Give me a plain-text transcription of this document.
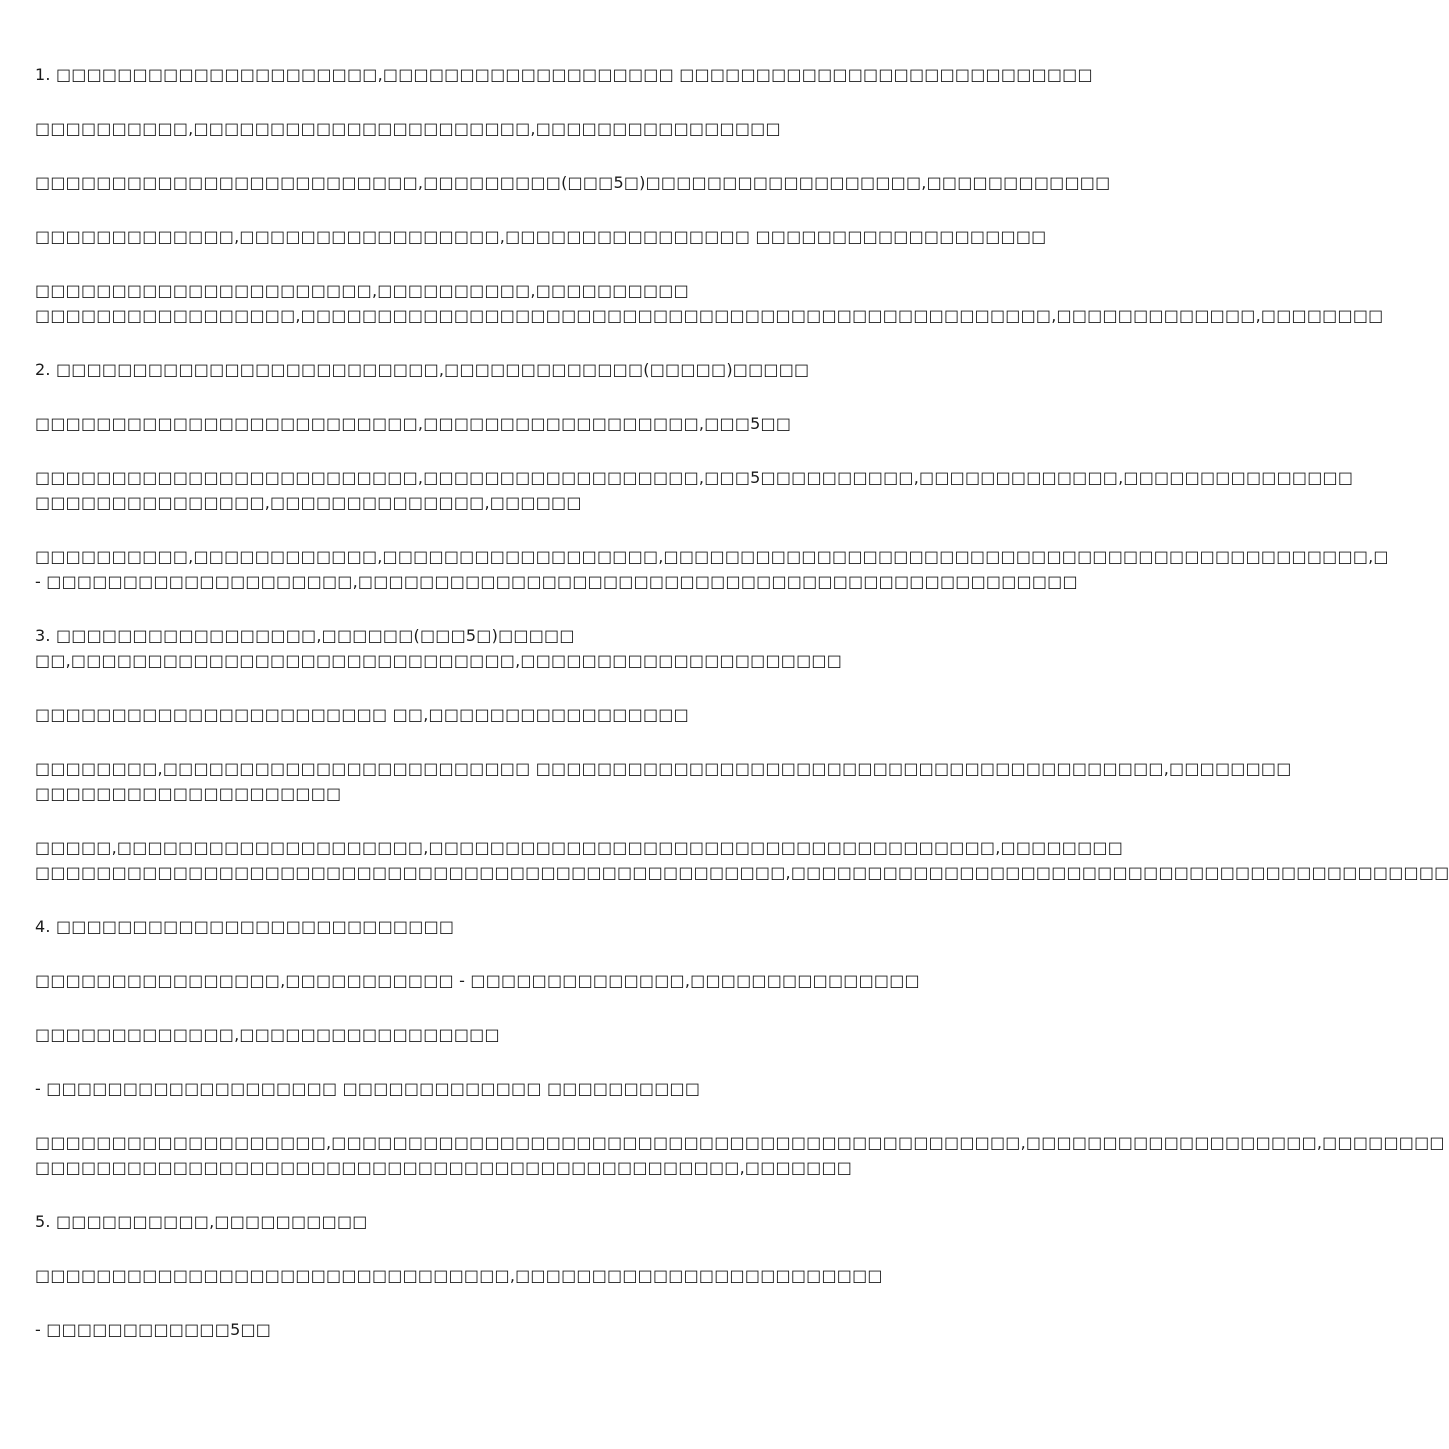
1. □□□□□□□□□□□□□□□□□□□□□,□□□□□□□□□□□□□□□□□□□ □□□□□□□□□□□□□□□□□□□□□□□□□□□

□□□□□□□□□□,□□□□□□□□□□□□□□□□□□□□□□,□□□□□□□□□□□□□□□□

□□□□□□□□□□□□□□□□□□□□□□□□□,□□□□□□□□□(□□□5□)□□□□□□□□□□□□□□□□□□,□□□□□□□□□□□□

□□□□□□□□□□□□□,□□□□□□□□□□□□□□□□□,□□□□□□□□□□□□□□□□ □□□□□□□□□□□□□□□□□□□

□□□□□□□□□□□□□□□□□□□□□□,□□□□□□□□□□,□□□□□□□□□□
□□□□□□□□□□□□□□□□□,□□□□□□□□□□□□□□□□□□□□□□□□□□□□□□□□□□□□□□□□□□□□□□□□□,□□□□□□□□□□□□□,□□□□□□□□

2. □□□□□□□□□□□□□□□□□□□□□□□□□,□□□□□□□□□□□□□(□□□□□)□□□□□

□□□□□□□□□□□□□□□□□□□□□□□□□,□□□□□□□□□□□□□□□□□□,□□□5□□

□□□□□□□□□□□□□□□□□□□□□□□□□,□□□□□□□□□□□□□□□□□□,□□□5□□□□□□□□□□,□□□□□□□□□□□□□,□□□□□□□□□□□□□□□
□□□□□□□□□□□□□□□,□□□□□□□□□□□□□□,□□□□□□

□□□□□□□□□□,□□□□□□□□□□□□,□□□□□□□□□□□□□□□□□□,□□□□□□□□□□□□□□□□□□□□□□□□□□□□□□□□□□□□□□□□□□□□□□,□
- □□□□□□□□□□□□□□□□□□□□,□□□□□□□□□□□□□□□□□□□□□□□□□□□□□□□□□□□□□□□□□□□□□□□

3. □□□□□□□□□□□□□□□□□,□□□□□□(□□□5□)□□□□□
□□,□□□□□□□□□□□□□□□□□□□□□□□□□□□□□,□□□□□□□□□□□□□□□□□□□□□

□□□□□□□□□□□□□□□□□□□□□□□ □□,□□□□□□□□□□□□□□□□□

□□□□□□□□,□□□□□□□□□□□□□□□□□□□□□□□□ □□□□□□□□□□□□□□□□□□□□□□□□□□□□□□□□□□□□□□□□□,□□□□□□□□
□□□□□□□□□□□□□□□□□□□□

□□□□□,□□□□□□□□□□□□□□□□□□□□,□□□□□□□□□□□□□□□□□□□□□□□□□□□□□□□□□□□□□,□□□□□□□□
□□□□□□□□□□□□□□□□□□□□□□□□□□□□□□□□□□□□□□□□□□□□□□□□□,□□□□□□□□□□□□□□□□□□□□□□□□□□□□□□□□□□□□□□□□□□□

4. □□□□□□□□□□□□□□□□□□□□□□□□□□

□□□□□□□□□□□□□□□□,□□□□□□□□□□□ - □□□□□□□□□□□□□□,□□□□□□□□□□□□□□□

□□□□□□□□□□□□□,□□□□□□□□□□□□□□□□□

- □□□□□□□□□□□□□□□□□□□ □□□□□□□□□□□□□ □□□□□□□□□□

□□□□□□□□□□□□□□□□□□□,□□□□□□□□□□□□□□□□□□□□□□□□□□□□□□□□□□□□□□□□□□□□□,□□□□□□□□□□□□□□□□□□□,□□□□□□□□
□□□□□□□□□□□□□□□□□□□□□□□□□□□□□□□□□□□□□□□□□□□□□□,□□□□□□□

5. □□□□□□□□□□,□□□□□□□□□□

□□□□□□□□□□□□□□□□□□□□□□□□□□□□□□□,□□□□□□□□□□□□□□□□□□□□□□□□

- □□□□□□□□□□□□5□□
